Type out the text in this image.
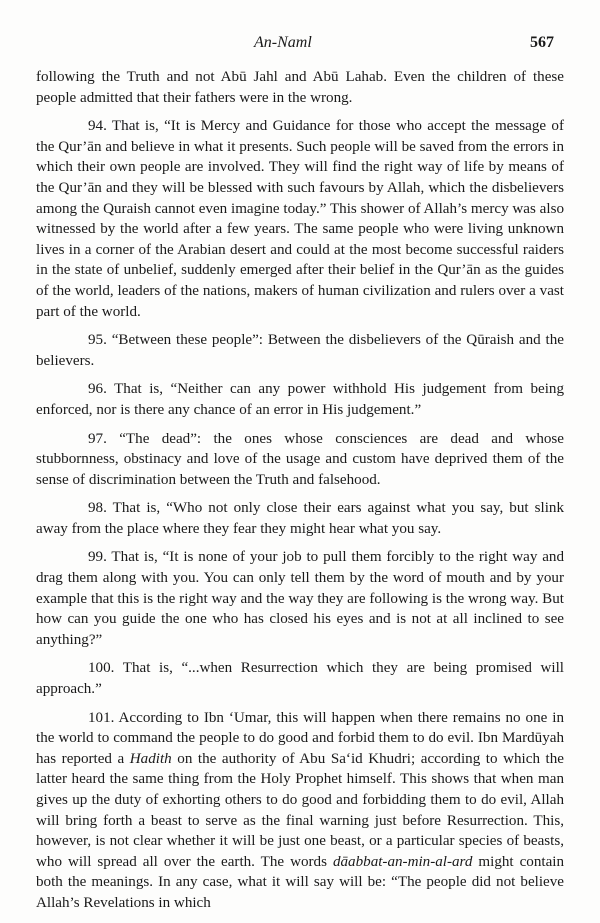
An-Naml	567

following the Truth and not Abū Jahl and Abū Lahab. Even the children of these people admitted that their fathers were in the wrong.

94. That is, “It is Mercy and Guidance for those who accept the message of the Qur’ān and believe in what it presents. Such people will be saved from the errors in which their own people are involved. They will find the right way of life by means of the Qur’ān and they will be blessed with such favours by Allah, which the disbelievers among the Quraish cannot even imagine today.” This shower of Allah’s mercy was also witnessed by the world after a few years. The same people who were living unknown lives in a corner of the Arabian desert and could at the most become successful raiders in the state of unbelief, suddenly emerged after their belief in the Qur’ān as the guides of the world, leaders of the nations, makers of human civilization and rulers over a vast part of the world.

95. “Between these people”: Between the disbelievers of the Qūraish and the believers.

96. That is, “Neither can any power withhold His judgement from being enforced, nor is there any chance of an error in His judgement.”

97. “The dead”: the ones whose consciences are dead and whose stubbornness, obstinacy and love of the usage and custom have deprived them of the sense of discrimination between the Truth and falsehood.

98. That is, “Who not only close their ears against what you say, but slink away from the place where they fear they might hear what you say.

99. That is, “It is none of your job to pull them forcibly to the right way and drag them along with you. You can only tell them by the word of mouth and by your example that this is the right way and the way they are following is the wrong way. But how can you guide the one who has closed his eyes and is not at all inclined to see anything?”

100. That is, “...when Resurrection which they are being promised will approach.”

101. According to Ibn ‘Umar, this will happen when there remains no one in the world to command the people to do good and forbid them to do evil. Ibn Mardūyah has reported a Hadith on the authority of Abu Sa‘id Khudri; according to which the latter heard the same thing from the Holy Prophet himself. This shows that when man gives up the duty of exhorting others to do good and forbidding them to do evil, Allah will bring forth a beast to serve as the final warning just before Resurrection. This, however, is not clear whether it will be just one beast, or a particular species of beasts, who will spread all over the earth. The words dāabbat-an-min-al-ard might contain both the meanings. In any case, what it will say will be: “The people did not believe Allah’s Revelations in which
